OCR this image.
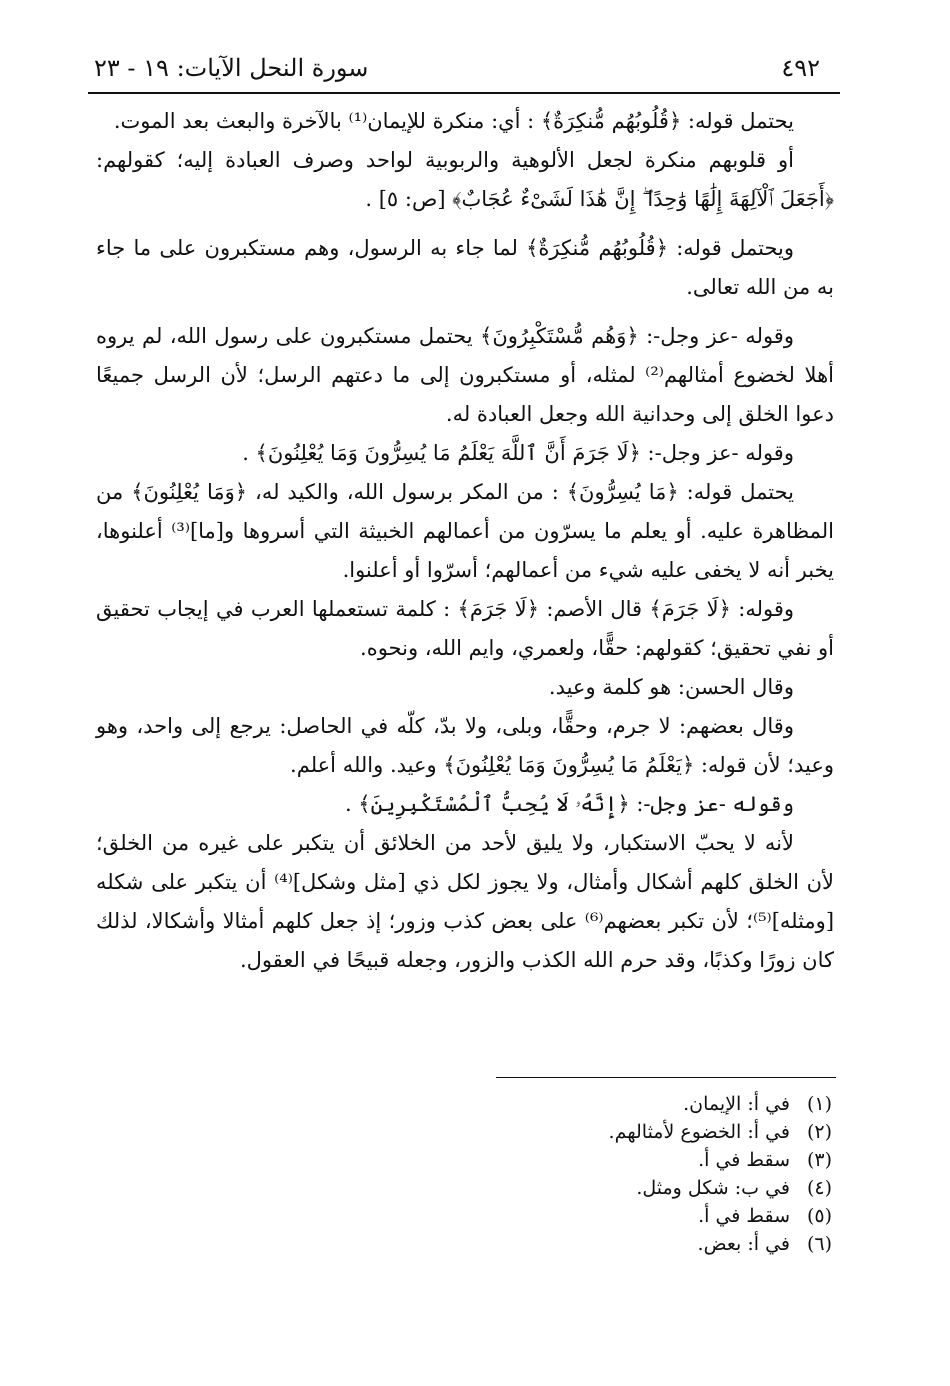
٤٩٢
سورة النحل الآيات: ١٩ - ٢٣

يحتمل قوله: ﴿قُلُوبُهُم مُّنكِرَةٌ﴾ : أي: منكرة للإيمان⁽¹⁾ بالآخرة والبعث بعد الموت.

أو قلوبهم منكرة لجعل الألوهية والربوبية لواحد وصرف العبادة إليه؛ كقولهم: ﴿أَجَعَلَ ٱلْآلِهَةَ إِلَٰهًا وَٰحِدًا ۖ إِنَّ هَٰذَا لَشَىْءٌ عُجَابٌ﴾ [ص: ٥] .

ويحتمل قوله: ﴿قُلُوبُهُم مُّنكِرَةٌ﴾ لما جاء به الرسول، وهم مستكبرون على ما جاء به من الله تعالى.

وقوله -عز وجل-: ﴿وَهُم مُّسْتَكْبِرُونَ﴾ يحتمل مستكبرون على رسول الله، لم يروه أهلا لخضوع أمثالهم⁽²⁾ لمثله، أو مستكبرون إلى ما دعتهم الرسل؛ لأن الرسل جميعًا دعوا الخلق إلى وحدانية الله وجعل العبادة له.

وقوله -عز وجل-: ﴿لَا جَرَمَ أَنَّ ٱللَّهَ يَعْلَمُ مَا يُسِرُّونَ وَمَا يُعْلِنُونَ﴾ .

يحتمل قوله: ﴿مَا يُسِرُّونَ﴾ : من المكر برسول الله، والكيد له، ﴿وَمَا يُعْلِنُونَ﴾ من المظاهرة عليه. أو يعلم ما يسرّون من أعمالهم الخبيثة التي أسروها و[ما]⁽³⁾ أعلنوها، يخبر أنه لا يخفى عليه شيء من أعمالهم؛ أسرّوا أو أعلنوا.

وقوله: ﴿لَا جَرَمَ﴾ قال الأصم: ﴿لَا جَرَمَ﴾ : كلمة تستعملها العرب في إيجاب تحقيق أو نفي تحقيق؛ كقولهم: حقًّا، ولعمري، وايم الله، ونحوه.

وقال الحسن: هو كلمة وعيد.

وقال بعضهم: لا جرم، وحقًّا، وبلى، ولا بدّ، كلّه في الحاصل: يرجع إلى واحد، وهو وعيد؛ لأن قوله: ﴿يَعْلَمُ مَا يُسِرُّونَ وَمَا يُعْلِنُونَ﴾ وعيد. والله أعلم.

وقوله -عز وجل-: ﴿إِنَّهُۥ لَا يُحِبُّ ٱلْمُسْتَكْبِرِينَ﴾ .

لأنه لا يحبّ الاستكبار، ولا يليق لأحد من الخلائق أن يتكبر على غيره من الخلق؛ لأن الخلق كلهم أشكال وأمثال، ولا يجوز لكل ذي [مثل وشكل]⁽⁴⁾ أن يتكبر على شكله [ومثله]⁽⁵⁾؛ لأن تكبر بعضهم⁽⁶⁾ على بعض كذب وزور؛ إذ جعل كلهم أمثالا وأشكالا، لذلك كان زورًا وكذبًا، وقد حرم الله الكذب والزور، وجعله قبيحًا في العقول.

(١)في أ: الإيمان.
(٢)في أ: الخضوع لأمثالهم.
(٣)سقط في أ.
(٤)في ب: شكل ومثل.
(٥)سقط في أ.
(٦)في أ: بعض.
